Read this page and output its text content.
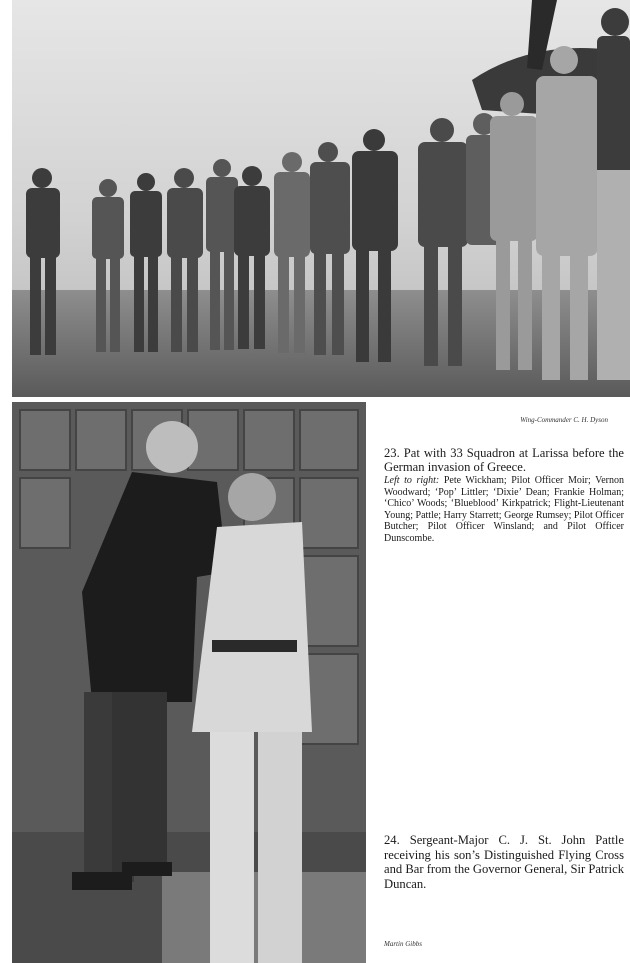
Wing-Commander C. H. Dyson
23. Pat with 33 Squadron at Larissa before the German invasion of Greece.
Left to right: Pete Wickham; Pilot Officer Moir; Vernon Woodward; ‘Pop’ Littler; ‘Dixie’ Dean; Frankie Holman; ‘Chico’ Woods; ‘Blueblood’ Kirkpatrick; Flight-Lieutenant Young; Pattle; Harry Starrett; George Rumsey; Pilot Officer Butcher; Pilot Officer Winsland; and Pilot Officer Dunscombe.
24. Sergeant-Major C. J. St. John Pattle receiving his son’s Distinguished Flying Cross and Bar from the Governor General, Sir Patrick Duncan.
Martin Gibbs
